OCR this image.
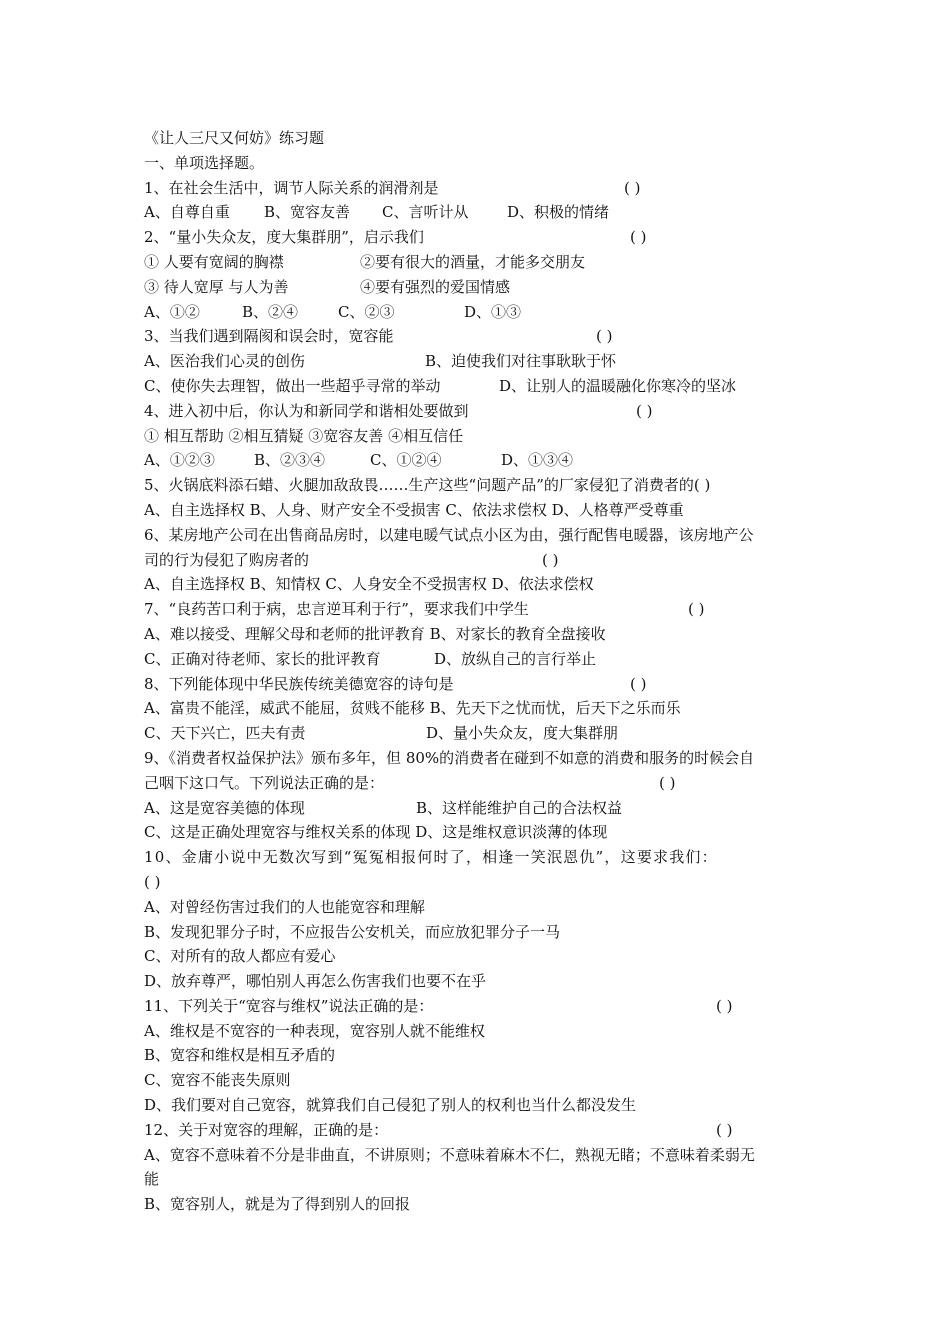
《让人三尺又何妨》练习题
一、单项选择题。
1、在社会生活中，调节人际关系的润滑剂是	( )
A、自尊自重 B、宽容友善 C、言听计从	D、积极的情绪
2、“量小失众友，度大集群朋”，启示我们	( )
① 人要有宽阔的胸襟	②要有很大的酒量，才能多交朋友
③ 待人宽厚 与人为善	④要有强烈的爱国情感
A、①②	B、②④	C、②③	D、①③
3、当我们遇到隔阂和误会时，宽容能	( )
A、医治我们心灵的创伤	B、迫使我们对往事耿耿于怀
C、使你失去理智，做出一些超乎寻常的举动	D、让别人的温暖融化你寒冷的坚冰
4、进入初中后，你认为和新同学和谐相处要做到	( )
① 相互帮助 ②相互猜疑 ③宽容友善 ④相互信任
A、①②③	B、②③④	C、①②④	D、①③④
5、火锅底料添石蜡、火腿加敌敌畏……生产这些“问题产品”的厂家侵犯了消费者的( )
A、自主选择权 B、人身、财产安全不受损害 C、依法求偿权 D、人格尊严受尊重
6、某房地产公司在出售商品房时，以建电暖气试点小区为由，强行配售电暖器，该房地产公
司的行为侵犯了购房者的	( )
A、自主选择权 B、知情权 C、人身安全不受损害权 D、依法求偿权
7、“良药苦口利于病，忠言逆耳利于行”，要求我们中学生	( )
A、难以接受、理解父母和老师的批评教育 B、对家长的教育全盘接收
C、正确对待老师、家长的批评教育	D、放纵自己的言行举止
8、下列能体现中华民族传统美德宽容的诗句是	( )
A、富贵不能淫，威武不能屈，贫贱不能移 B、先天下之忧而忧，后天下之乐而乐
C、天下兴亡，匹夫有责	D、量小失众友，度大集群朋
9、《消费者权益保护法》颁布多年，但 80%的消费者在碰到不如意的消费和服务的时候会自
己咽下这口气。下列说法正确的是：	( )
A、这是宽容美德的体现	B、这样能维护自己的合法权益
C、这是正确处理宽容与维权关系的体现 D、这是维权意识淡薄的体现
10、金庸小说中无数次写到“冤冤相报何时了，相逢一笑泯恩仇”，这要求我们：
( )
A、对曾经伤害过我们的人也能宽容和理解
B、发现犯罪分子时，不应报告公安机关，而应放犯罪分子一马
C、对所有的敌人都应有爱心
D、放弃尊严，哪怕别人再怎么伤害我们也要不在乎
11、下列关于“宽容与维权”说法正确的是：	( )
A、维权是不宽容的一种表现，宽容别人就不能维权
B、宽容和维权是相互矛盾的
C、宽容不能丧失原则
D、我们要对自己宽容，就算我们自己侵犯了别人的权利也当什么都没发生
12、关于对宽容的理解，正确的是：	( )
A、宽容不意味着不分是非曲直，不讲原则；不意味着麻木不仁，熟视无睹；不意味着柔弱无
能
B、宽容别人，就是为了得到别人的回报
